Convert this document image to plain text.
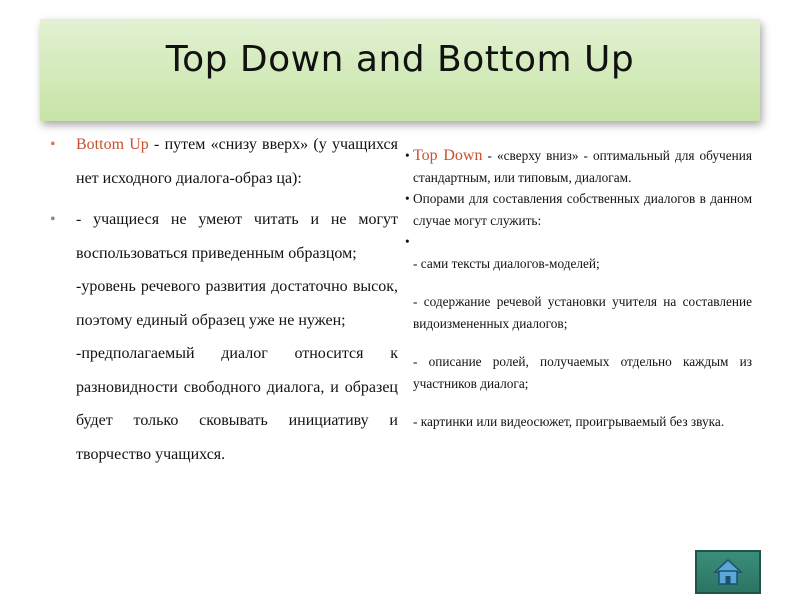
Top Down and Bottom Up
•	Bottom Up - путем «снизу вверх» (у учащихся нет исходного диалога-образ ца):
•	- учащиеся не умеют читать и не могут воспользоваться приведенным образцом;
-уровень речевого развития достаточно высок, поэтому единый образец уже не нужен;
-предполагаемый диалог относится к разновидности свободного диалога, и образец будет только сковывать инициативу и творчество учащихся.

• Top Down - «сверху вниз» - оптимальный для обучения стандартным, или типовым, диалогам.

• Опорами для составления собственных диалогов в данном случае могут служить:

•

- сами тексты диалогов-моделей;

- содержание речевой установки учителя на составление видоизмененных диалогов;

- описание ролей, получаемых отдельно каждым из участников диалога;

- картинки или видеосюжет, проигрываемый без звука.
